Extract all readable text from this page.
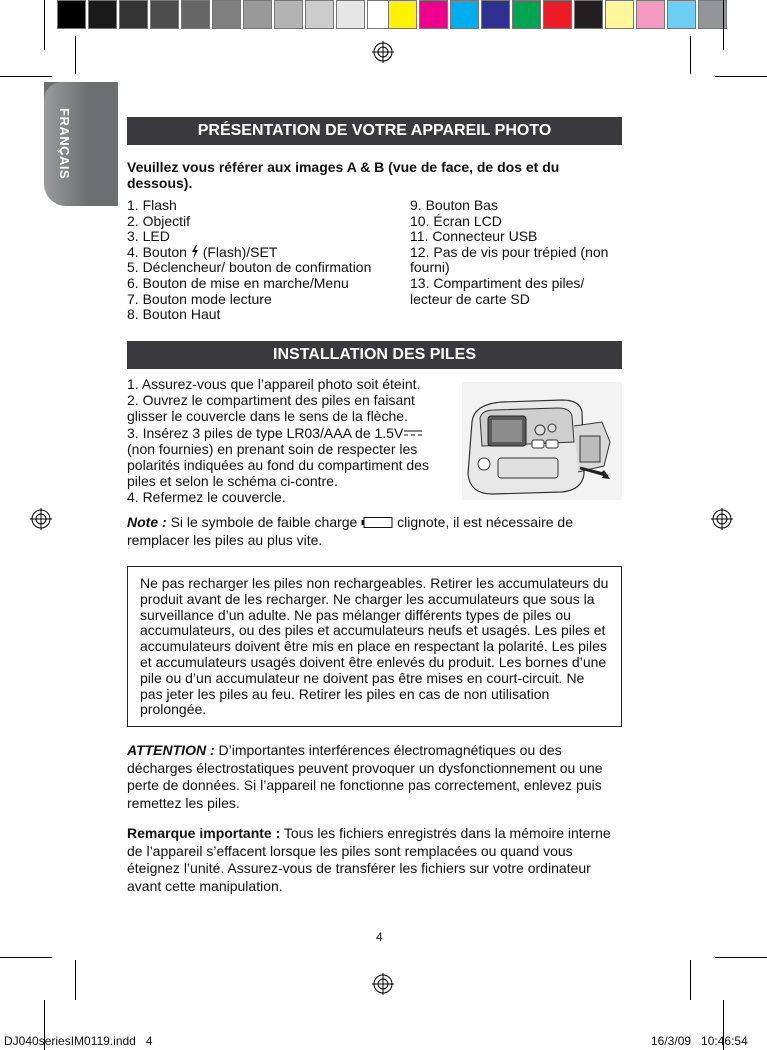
FRANÇAIS	PRÉSENTATION DE VOTRE APPAREIL PHOTO
Veuillez vous référer aux images A & B (vue de face, de dos et du dessous).
1. Flash
2. Objectif
3. LED
4. Bouton (Flash)/SET
5. Déclencheur/ bouton de confirmation
6. Bouton de mise en marche/Menu
7. Bouton mode lecture
8. Bouton Haut
9. Bouton Bas
10. Écran LCD
11. Connecteur USB
12. Pas de vis pour trépied (non fourni)
13. Compartiment des piles/ lecteur de carte SD
INSTALLATION DES PILES
1. Assurez-vous que l’appareil photo soit éteint.
2. Ouvrez le compartiment des piles en faisant
glisser le couvercle dans le sens de la flèche.
3. Insérez 3 piles de type LR03/AAA de 1.5V
(non fournies) en prenant soin de respecter les
polarités indiquées au fond du compartiment des
piles et selon le schéma ci-contre.
4. Refermez le couvercle.
Note : Si le symbole de faible charge	clignote, il est nécessaire de remplacer les piles au plus vite.
Ne pas recharger les piles non rechargeables. Retirer les accumulateurs du produit avant de les recharger. Ne charger les accumulateurs que sous la surveillance d’un adulte. Ne pas mélanger différents types de piles ou accumulateurs, ou des piles et accumulateurs neufs et usagés. Les piles et accumulateurs doivent être mis en place en respectant la polarité. Les piles et accumulateurs usagés doivent être enlevés du produit. Les bornes d’une pile ou d’un accumulateur ne doivent pas être mises en court-circuit. Ne pas jeter les piles au feu. Retirer les piles en cas de non utilisation prolongée.
ATTENTION : D’importantes interférences électromagnétiques ou des décharges électrostatiques peuvent provoquer un dysfonctionnement ou une perte de données. Si l’appareil ne fonctionne pas correctement, enlevez puis remettez les piles.
Remarque importante : Tous les fichiers enregistrés dans la mémoire interne de l’appareil s’effacent lorsque les piles sont remplacées ou quand vous éteignez l’unité. Assurez-vous de transférer les fichiers sur votre ordinateur avant cette manipulation.
4
DJ040seriesIM0119.indd   4	16/3/09   10:46:54
